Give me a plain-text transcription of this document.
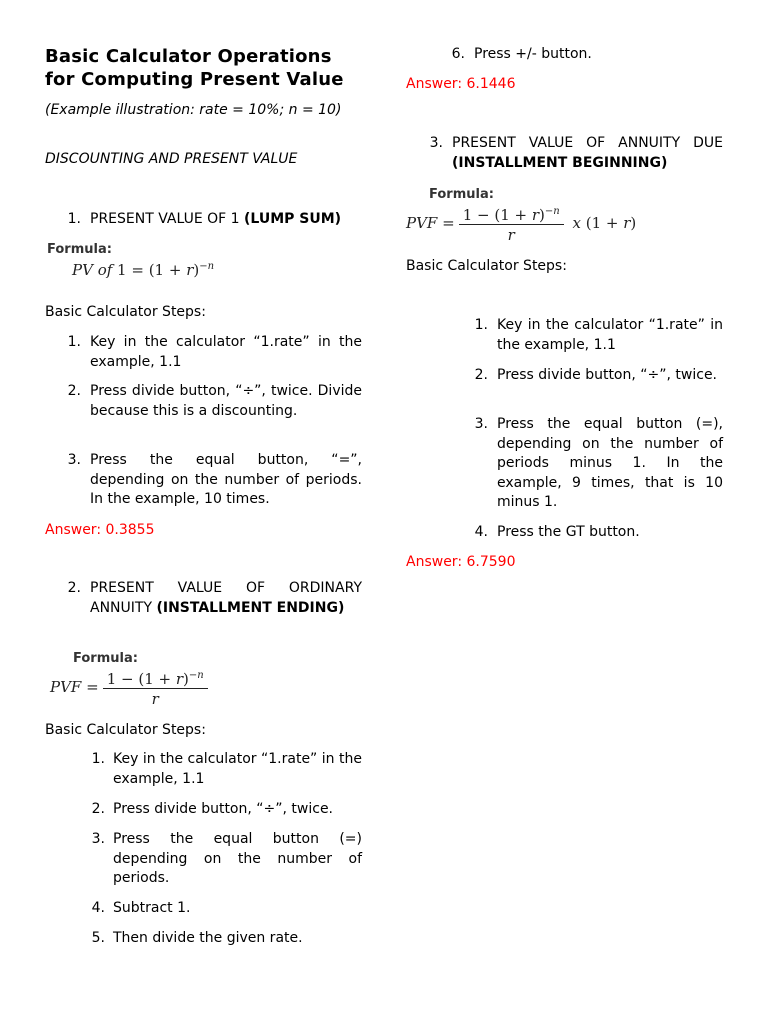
Basic Calculator Operations for Computing Present Value

(Example illustration: rate = 10%; n = 10)

DISCOUNTING AND PRESENT VALUE

1. PRESENT VALUE OF 1 (LUMP SUM)
Formula:
PV of $1 = (1 + r)^{-n}$

Basic Calculator Steps:

1. Key in the calculator “1.rate” in the example, 1.1
2. Press divide button, “÷”, twice. Divide because this is a discounting.
3. Press the equal button, “=”, depending on the number of periods. In the example, 10 times.

Answer: 0.3855

2. PRESENT VALUE OF ORDINARY ANNUITY (INSTALLMENT ENDING)
Formula:
PVF = $\frac{1 - (1 + r)^{-n}}{r}$

Basic Calculator Steps:

1. Key in the calculator “1.rate” in the example, 1.1
2. Press divide button, “÷”, twice.
3. Press the equal button (=) depending on the number of periods.
4. Subtract 1.
5. Then divide the given rate.
6. Press +/- button.

Answer: 6.1446

3. PRESENT VALUE OF ANNUITY DUE (INSTALLMENT BEGINNING)
Formula:
PVF = $\frac{1 - (1 + r)^{-n}}{r}$ x (1 + r)

Basic Calculator Steps:

1. Key in the calculator “1.rate” in the example, 1.1
2. Press divide button, “÷”, twice.
3. Press the equal button (=), depending on the number of periods minus 1. In the example, 9 times, that is 10 minus 1.
4. Press the GT button.

Answer: 6.7590
